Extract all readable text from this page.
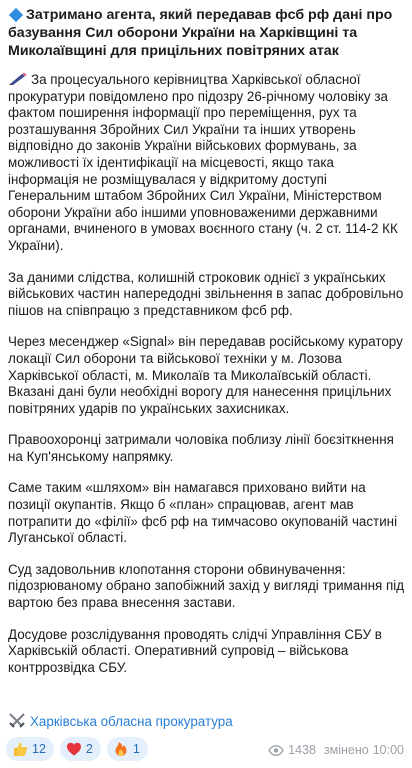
Затримано агента, який передавав фсб рф дані про базування Сил оборони України на Харківщині та Миколаївщині для прицільних повітряних атак
За процесуального керівництва Харківської обласної прокуратури повідомлено про підозру 26-річному чоловіку за фактом поширення інформації про переміщення, рух та розташування Збройних Сил України та інших утворень відповідно до законів України військових формувань, за можливості їх ідентифікації на місцевості, якщо така інформація не розміщувалася у відкритому доступі Генеральним штабом Збройних Сил України, Міністерством оборони України або іншими уповноваженими державними органами, вчиненого в умовах воєнного стану (ч. 2 ст. 114-2 КК України).
За даними слідства, колишній строковик однієї з українських військових частин напередодні звільнення в запас добровільно пішов на співпрацю з представником фсб рф.
Через месенджер «Signal» він передавав російському куратору локації Сил оборони та військової техніки у м. Лозова Харківської області, м. Миколаїв та Миколаївській області. Вказані дані були необхідні ворогу для нанесення прицільних повітряних ударів по українських захисниках.
Правоохоронці затримали чоловіка поблизу лінії боєзіткнення на Куп'янському напрямку.
Саме таким «шляхом» він намагався приховано вийти на позиції окупантів. Якщо б «план» спрацював, агент мав потрапити до «філії» фсб рф на тимчасово окупованій частині Луганської області.
Суд задовольнив клопотання сторони обвинувачення: підозрюваному обрано запобіжний захід у вигляді тримання під вартою без права внесення застави.
Досудове розслідування проводять слідчі Управління СБУ в Харківській області. Оперативний супровід – військова контррозвідка СБУ.
Харківська обласна прокуратура
12	2	1	1438 змінено 10:00
